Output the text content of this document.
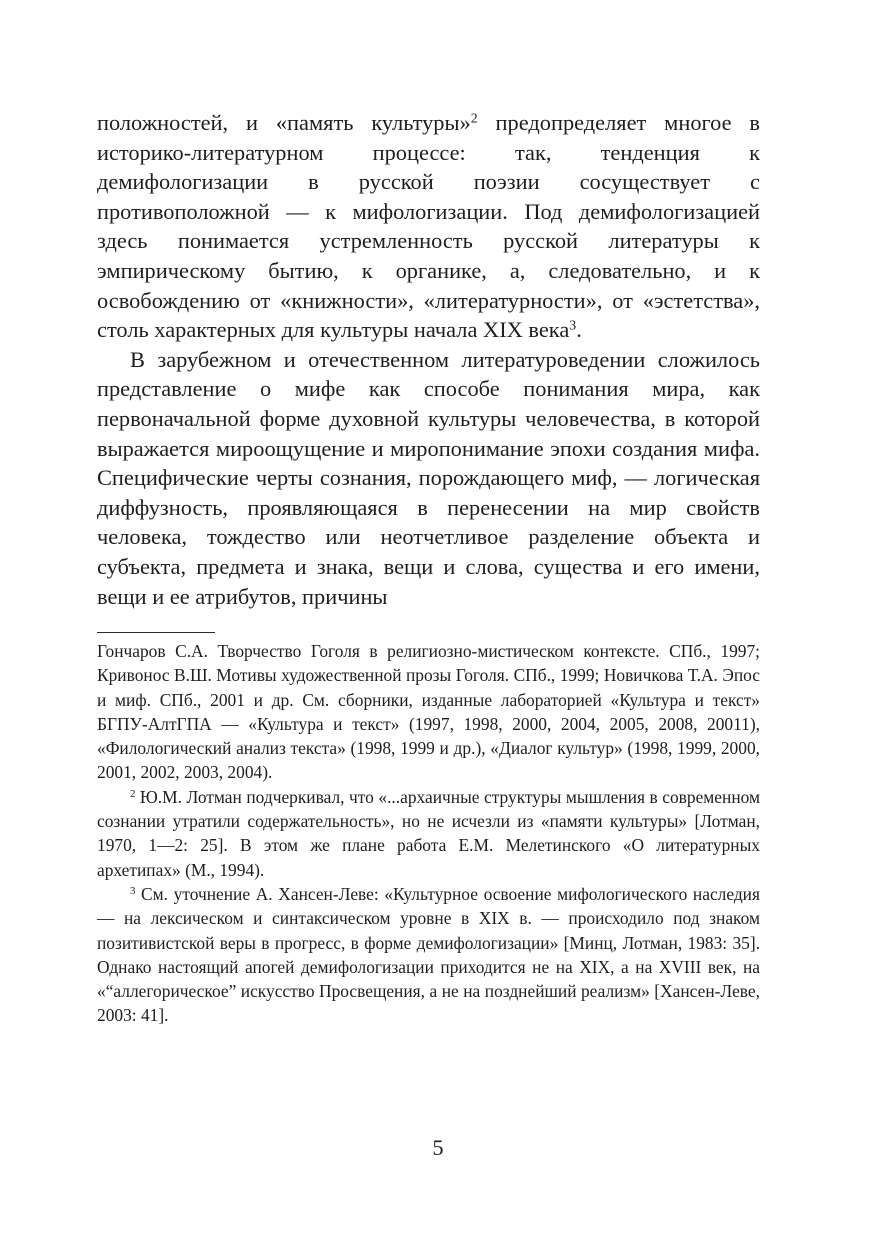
положностей, и «память культуры»$^2$ предопределяет многое в историко-литературном процессе: так, тенденция к демифологизации в русской поэзии сосуществует с противоположной — к мифологизации. Под демифологизацией здесь понимается устремленность русской литературы к эмпирическому бытию, к органике, а, следовательно, и к освобождению от «книжности», «литературности», от «эстетства», столь характерных для культуры начала XIX века$^3$.

В зарубежном и отечественном литературоведении сложилось представление о мифе как способе понимания мира, как первоначальной форме духовной культуры человечества, в которой выражается мироощущение и миропонимание эпохи создания мифа. Специфические черты сознания, порождающего миф, — логическая диффузность, проявляющаяся в перенесении на мир свойств человека, тождество или неотчетливое разделение объекта и субъекта, предмета и знака, вещи и слова, существа и его имени, вещи и ее атрибутов, причины

Гончаров С.А. Творчество Гоголя в религиозно-мистическом контексте. СПб., 1997; Кривонос В.Ш. Мотивы художественной прозы Гоголя. СПб., 1999; Новичкова Т.А. Эпос и миф. СПб., 2001 и др. См. сборники, изданные лабораторией «Культура и текст» БГПУ-АлтГПА — «Культура и текст» (1997, 1998, 2000, 2004, 2005, 2008, 20011), «Филологический анализ текста» (1998, 1999 и др.), «Диалог культур» (1998, 1999, 2000, 2001, 2002, 2003, 2004).

$^2$ Ю.М. Лотман подчеркивал, что «...архаичные структуры мышления в современном сознании утратили содержательность», но не исчезли из «памяти культуры» [Лотман, 1970, 1—2: 25]. В этом же плане работа Е.М. Мелетинского «О литературных архетипах» (М., 1994).

$^3$ См. уточнение А. Хансен-Леве: «Культурное освоение мифологического наследия — на лексическом и синтаксическом уровне в XIX в. — происходило под знаком позитивистской веры в прогресс, в форме демифологизации» [Минц, Лотман, 1983: 35]. Однако настоящий апогей демифологизации приходится не на XIX, а на XVIII век, на «“аллегорическое” искусство Просвещения, а не на позднейший реализм» [Хансен-Леве, 2003: 41].

5
